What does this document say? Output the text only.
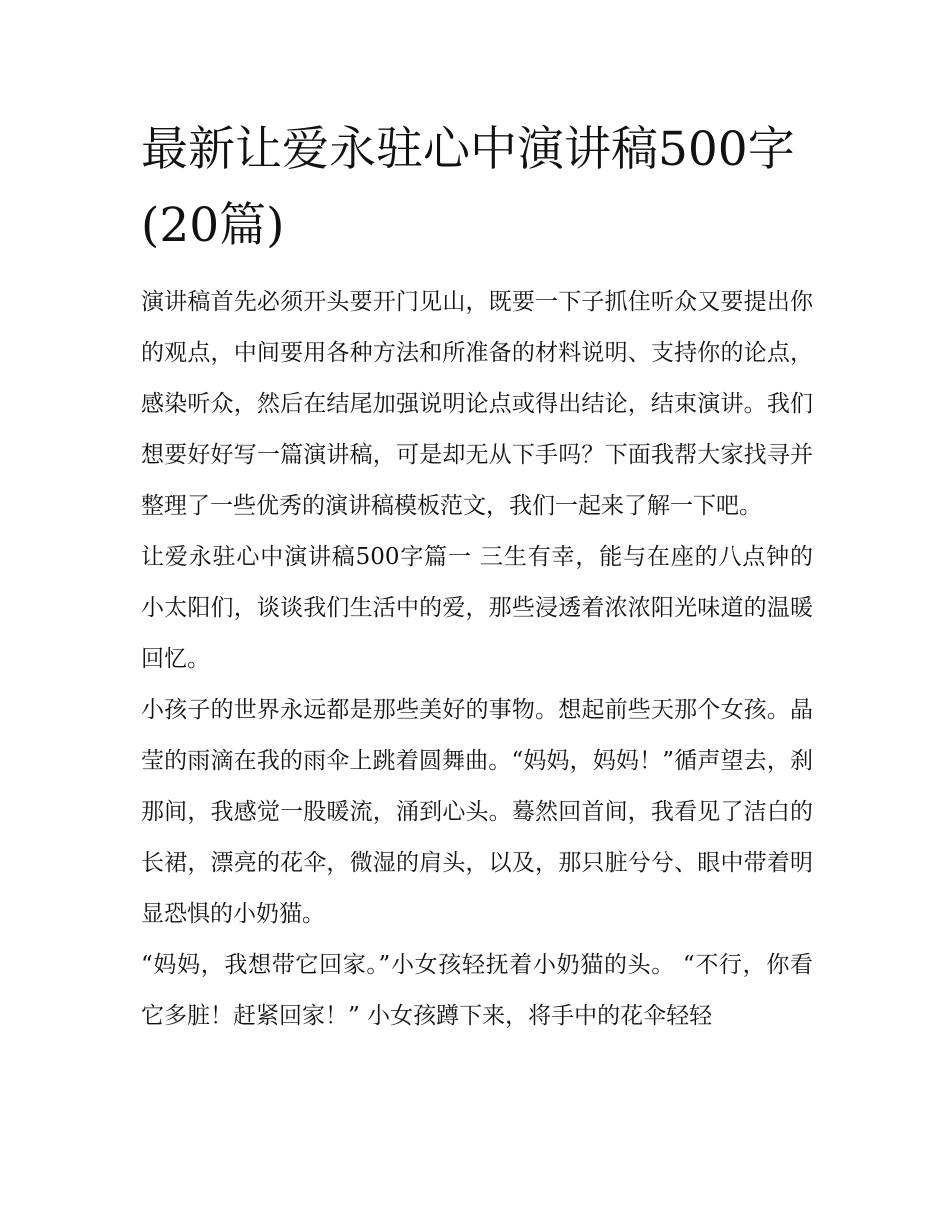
最新让爱永驻心中演讲稿500字(20篇)

演讲稿首先必须开头要开门见山，既要一下子抓住听众又要提出你的观点，中间要用各种方法和所准备的材料说明、支持你的论点，感染听众，然后在结尾加强说明论点或得出结论，结束演讲。我们想要好好写一篇演讲稿，可是却无从下手吗？下面我帮大家找寻并整理了一些优秀的演讲稿模板范文，我们一起来了解一下吧。

让爱永驻心中演讲稿500字篇一 三生有幸，能与在座的八点钟的小太阳们，谈谈我们生活中的爱，那些浸透着浓浓阳光味道的温暖回忆。

小孩子的世界永远都是那些美好的事物。想起前些天那个女孩。晶莹的雨滴在我的雨伞上跳着圆舞曲。“妈妈，妈妈！”循声望去，刹那间，我感觉一股暖流，涌到心头。蓦然回首间，我看见了洁白的长裙，漂亮的花伞，微湿的肩头，以及，那只脏兮兮、眼中带着明显恐惧的小奶猫。

“妈妈，我想带它回家。”小女孩轻抚着小奶猫的头。 “不行，你看它多脏！赶紧回家！” 小女孩蹲下来，将手中的花伞轻轻
